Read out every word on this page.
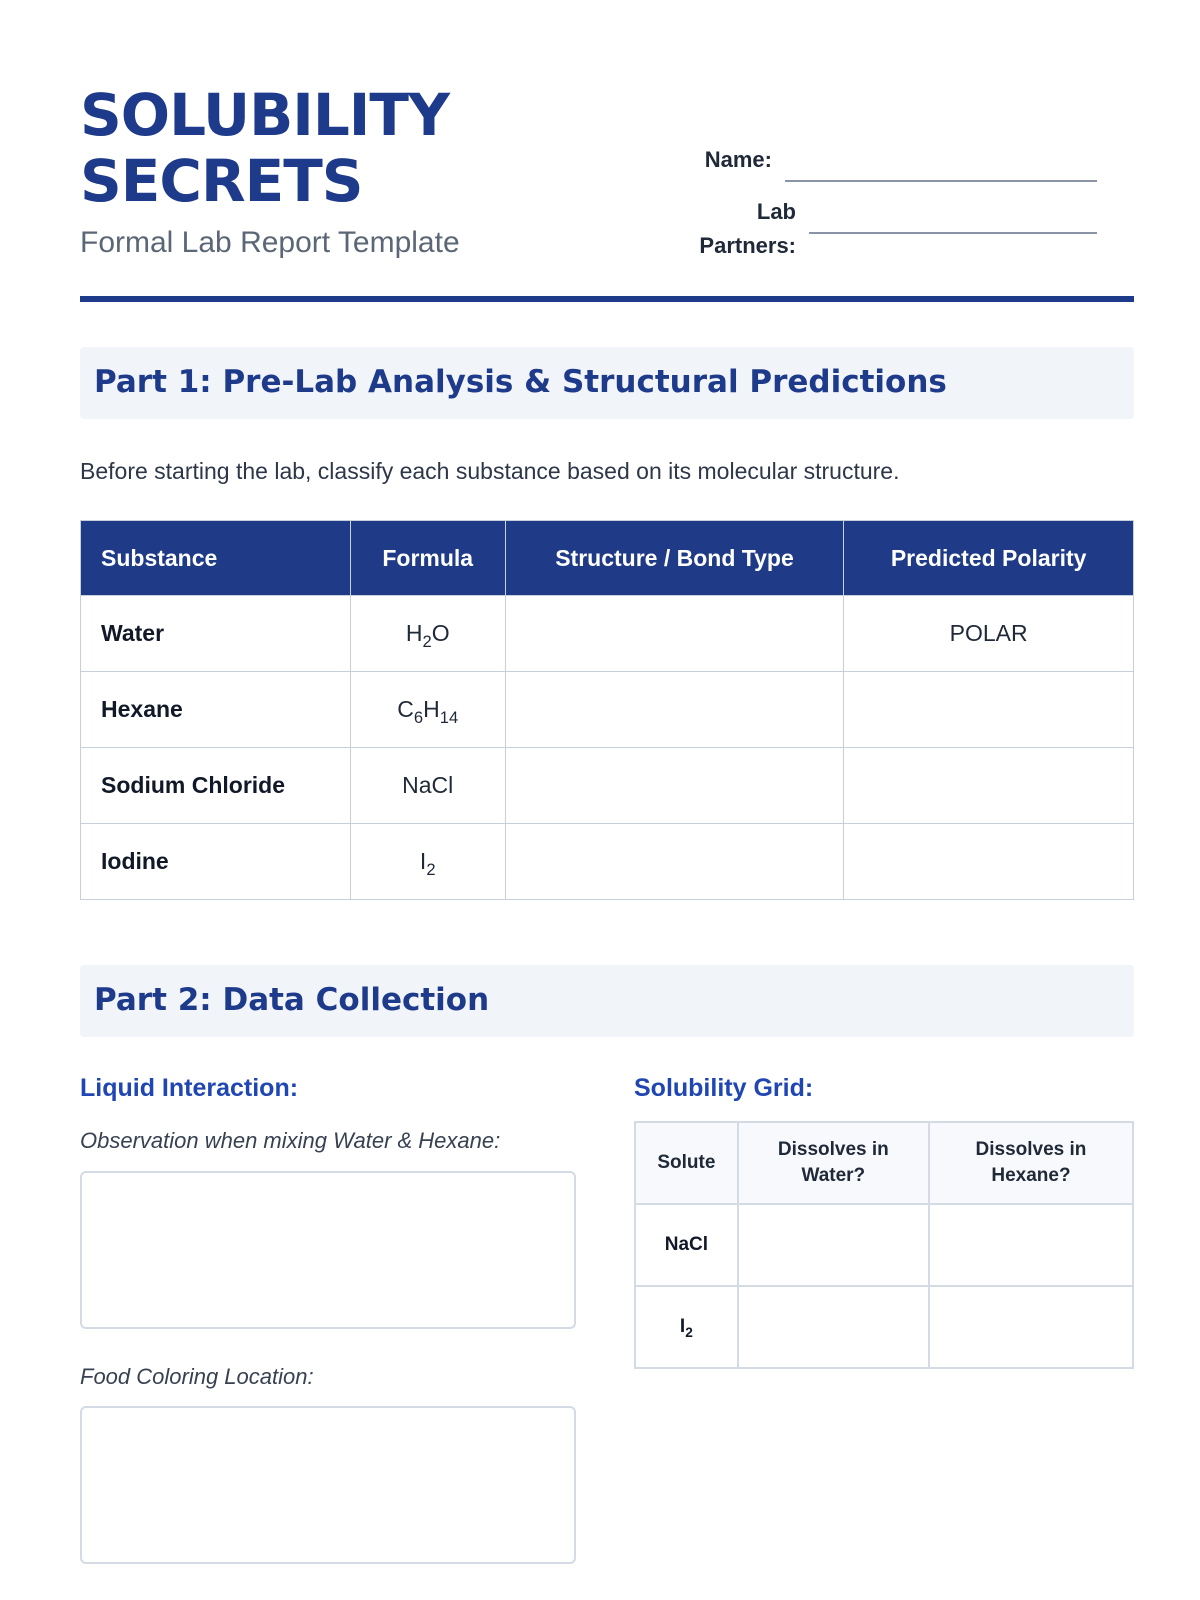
SOLUBILITY
SECRETS

Formal Lab Report Template

Name:
Lab
Partners:
Part 1: Pre-Lab Analysis & Structural Predictions

Before starting the lab, classify each substance based on its molecular structure.

Substance	Formula	Structure / Bond Type	Predicted Polarity
Water	$H_2O$		POLAR
Hexane	$C_6H_{14}$		
Sodium Chloride	NaCl		
Iodine	$I_2$		
Part 2: Data Collection
Liquid Interaction:

Observation when mixing Water & Hexane:

Food Coloring Location:

Solubility Grid:
Solute	Dissolves in Water?	Dissolves in Hexane?
NaCl		
$I_2$		
